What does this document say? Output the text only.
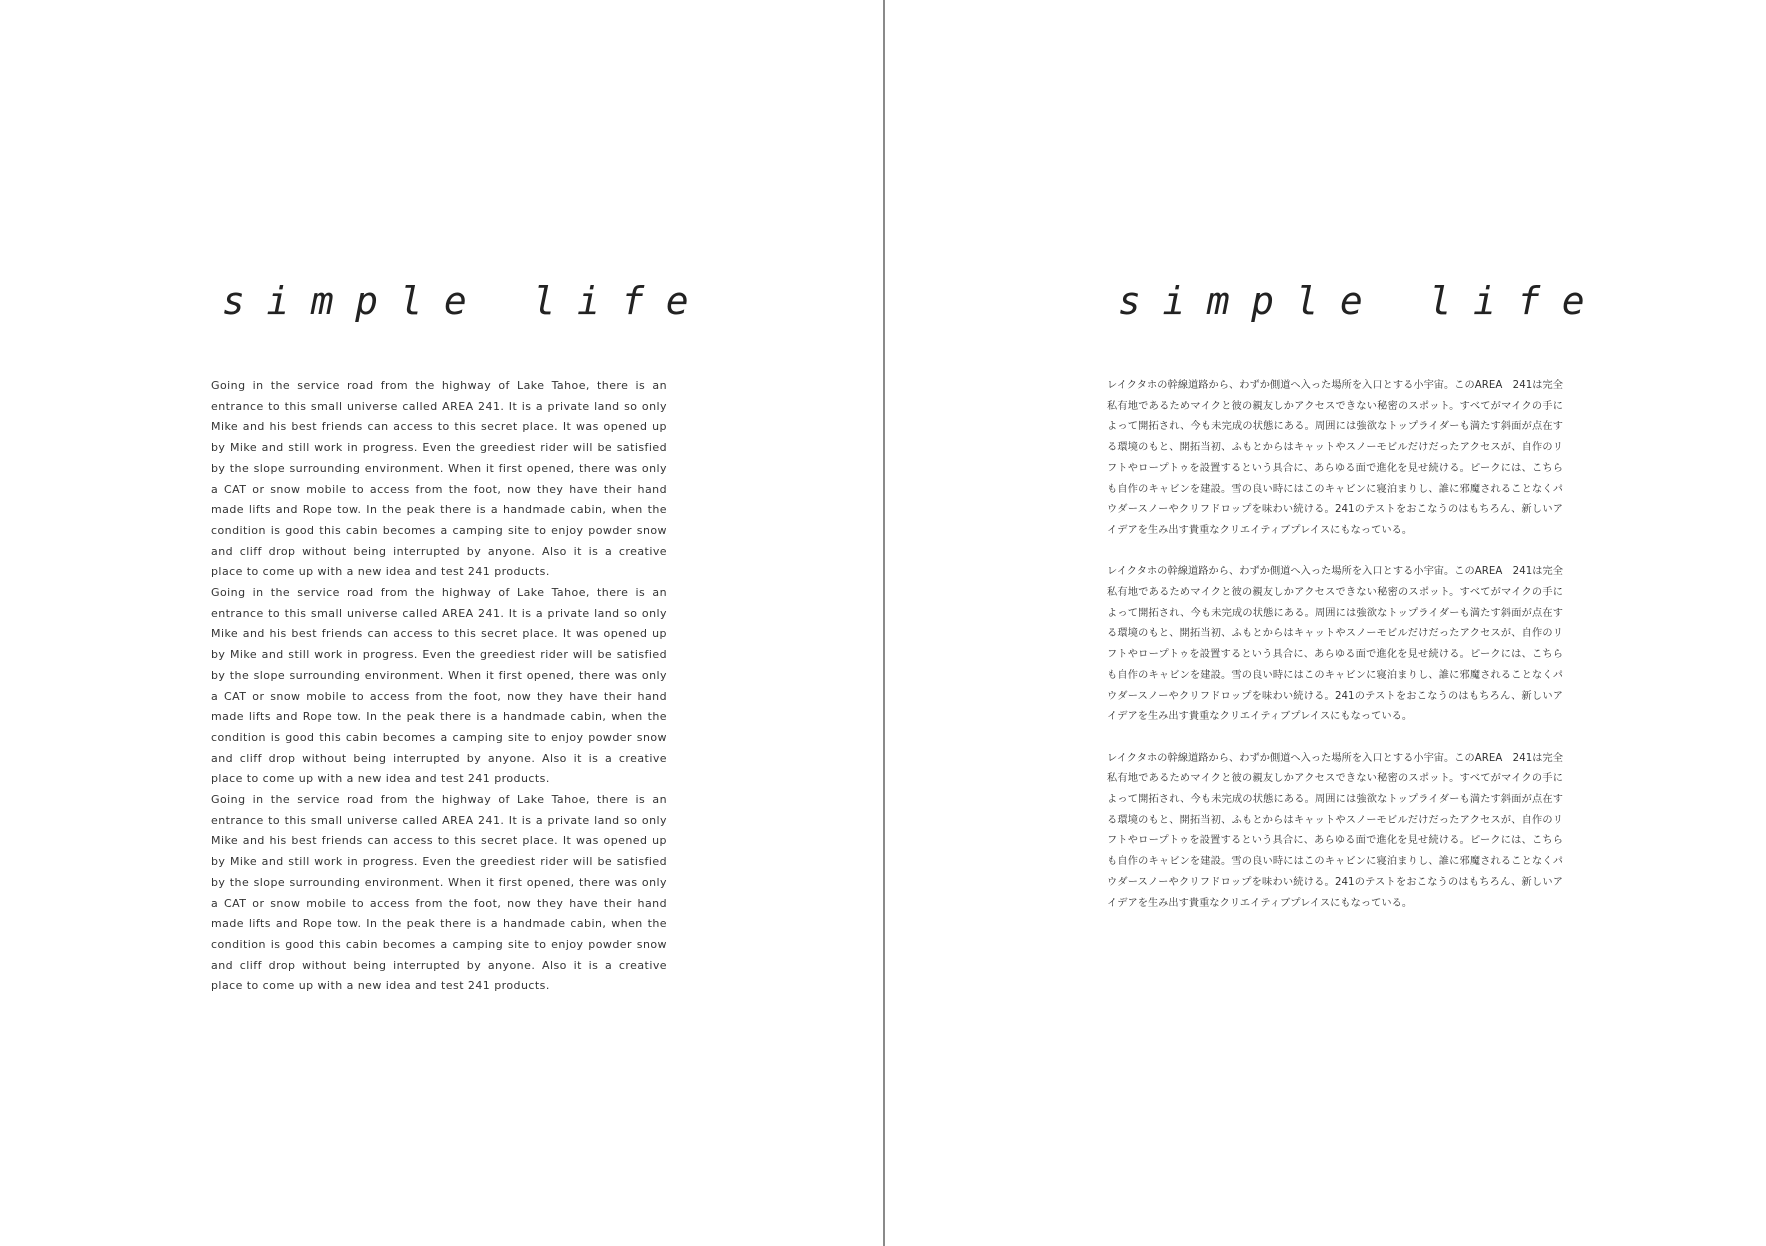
simple life

Going in the service road from the highway of Lake Tahoe, there is an entrance to this small universe called AREA 241. It is a private land so only Mike and his best friends can access to this secret place. It was opened up by Mike and still work in progress. Even the greediest rider will be satisfied by the slope surrounding environment. When it first opened, there was only a CAT or snow mobile to access from the foot, now they have their hand made lifts and Rope tow. In the peak there is a handmade cabin, when the condition is good this cabin becomes a camping site to enjoy powder snow and cliff drop without being interrupted by anyone. Also it is a creative place to come up with a new idea and test 241 products.

Going in the service road from the highway of Lake Tahoe, there is an entrance to this small universe called AREA 241. It is a private land so only Mike and his best friends can access to this secret place. It was opened up by Mike and still work in progress. Even the greediest rider will be satisfied by the slope surrounding environment. When it first opened, there was only a CAT or snow mobile to access from the foot, now they have their hand made lifts and Rope tow. In the peak there is a handmade cabin, when the condition is good this cabin becomes a camping site to enjoy powder snow and cliff drop without being interrupted by anyone. Also it is a creative place to come up with a new idea and test 241 products.

Going in the service road from the highway of Lake Tahoe, there is an entrance to this small universe called AREA 241. It is a private land so only Mike and his best friends can access to this secret place. It was opened up by Mike and still work in progress. Even the greediest rider will be satisfied by the slope surrounding environment. When it first opened, there was only a CAT or snow mobile to access from the foot, now they have their hand made lifts and Rope tow. In the peak there is a handmade cabin, when the condition is good this cabin becomes a camping site to enjoy powder snow and cliff drop without being interrupted by anyone. Also it is a creative place to come up with a new idea and test 241 products.

simple life

レイクタホの幹線道路から、わずか側道へ入った場所を入口とする小宇宙。このAREA　241は完全私有地であるためマイクと彼の親友しかアクセスできない秘密のスポット。すべてがマイクの手によって開拓され、今も未完成の状態にある。周囲には強欲なトップライダーも満たす斜面が点在する環境のもと、開拓当初、ふもとからはキャットやスノーモビルだけだったアクセスが、自作のリフトやロープトゥを設置するという具合に、あらゆる面で進化を見せ続ける。ピークには、こちらも自作のキャビンを建設。雪の良い時にはこのキャビンに寝泊まりし、誰に邪魔されることなくパウダースノーやクリフドロップを味わい続ける。241のテストをおこなうのはもちろん、新しいアイデアを生み出す貴重なクリエイティブプレイスにもなっている。

レイクタホの幹線道路から、わずか側道へ入った場所を入口とする小宇宙。このAREA　241は完全私有地であるためマイクと彼の親友しかアクセスできない秘密のスポット。すべてがマイクの手によって開拓され、今も未完成の状態にある。周囲には強欲なトップライダーも満たす斜面が点在する環境のもと、開拓当初、ふもとからはキャットやスノーモビルだけだったアクセスが、自作のリフトやロープトゥを設置するという具合に、あらゆる面で進化を見せ続ける。ピークには、こちらも自作のキャビンを建設。雪の良い時にはこのキャビンに寝泊まりし、誰に邪魔されることなくパウダースノーやクリフドロップを味わい続ける。241のテストをおこなうのはもちろん、新しいアイデアを生み出す貴重なクリエイティブプレイスにもなっている。

レイクタホの幹線道路から、わずか側道へ入った場所を入口とする小宇宙。このAREA　241は完全私有地であるためマイクと彼の親友しかアクセスできない秘密のスポット。すべてがマイクの手によって開拓され、今も未完成の状態にある。周囲には強欲なトップライダーも満たす斜面が点在する環境のもと、開拓当初、ふもとからはキャットやスノーモビルだけだったアクセスが、自作のリフトやロープトゥを設置するという具合に、あらゆる面で進化を見せ続ける。ピークには、こちらも自作のキャビンを建設。雪の良い時にはこのキャビンに寝泊まりし、誰に邪魔されることなくパウダースノーやクリフドロップを味わい続ける。241のテストをおこなうのはもちろん、新しいアイデアを生み出す貴重なクリエイティブプレイスにもなっている。
